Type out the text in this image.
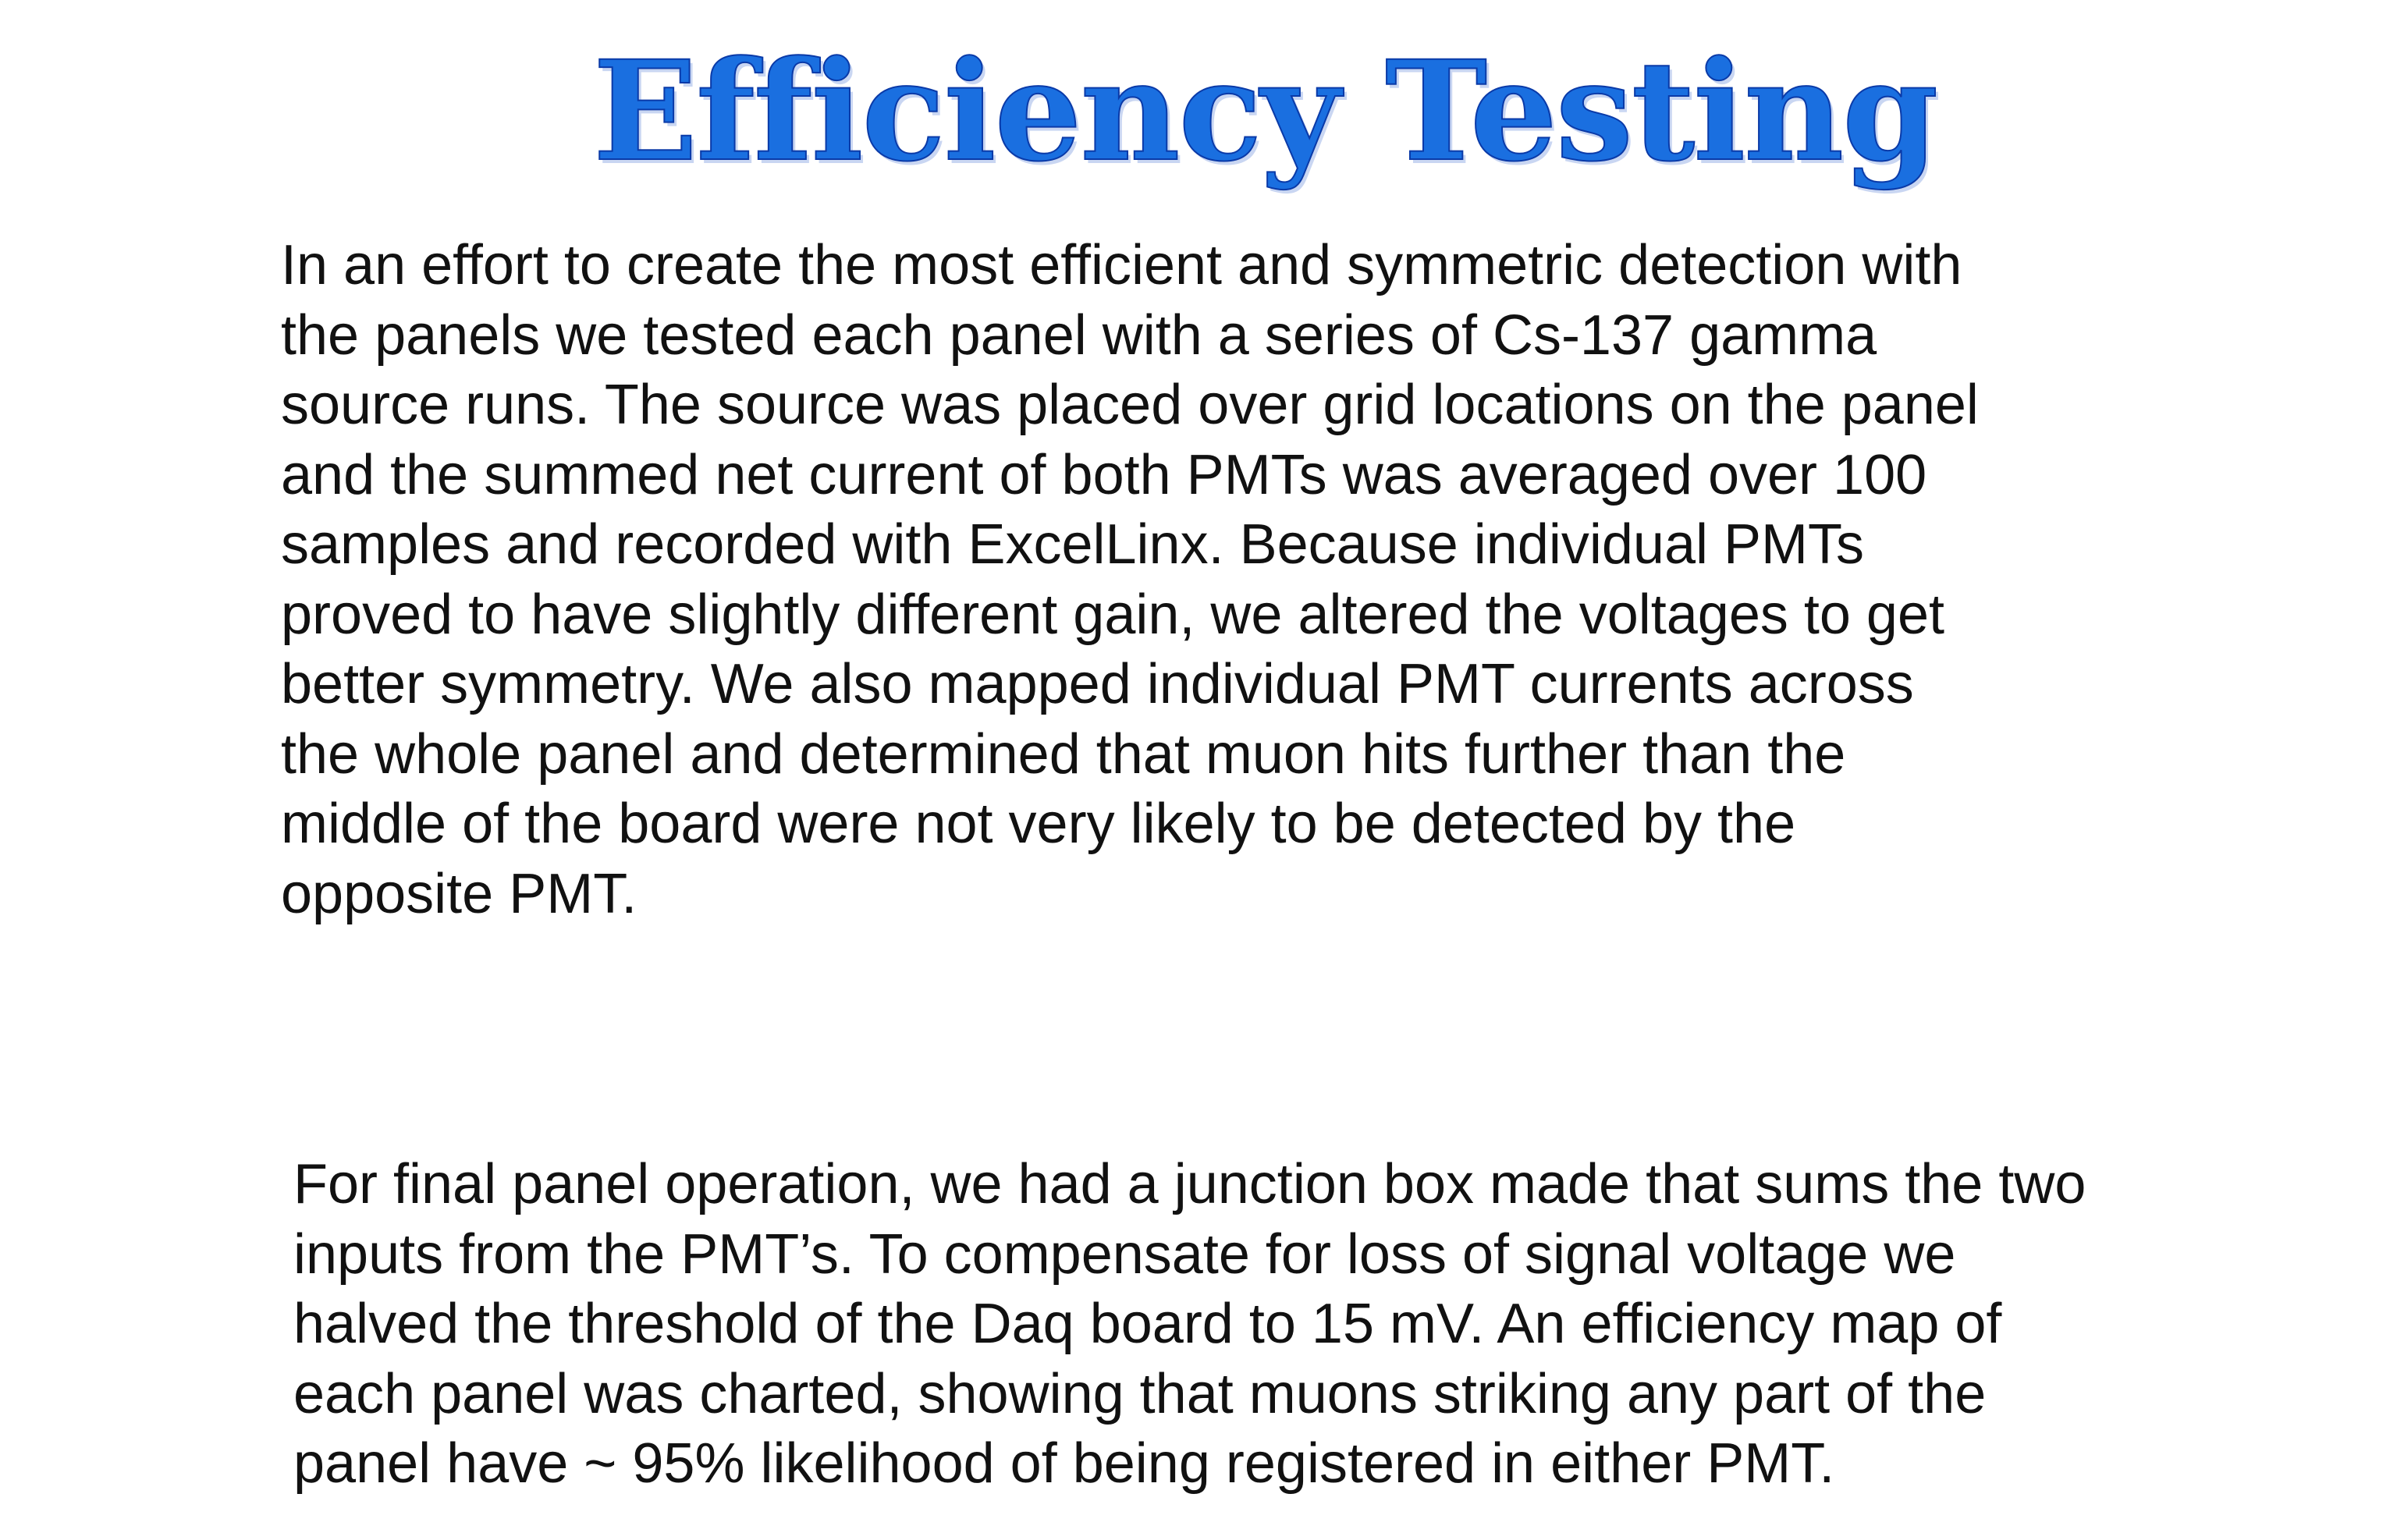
Efficiency Testing

In an effort to create the most efficient and symmetric detection with
the panels we tested each panel with a series of Cs-137 gamma
source runs. The source was placed over grid locations on the panel
and the summed net current of both PMTs was averaged over 100
samples and recorded with ExcelLinx. Because individual PMTs
proved to have slightly different gain, we altered the voltages to get
better symmetry. We also mapped individual PMT currents across
the whole panel and determined that muon hits further than the
middle of the board were not very likely to be detected by the
opposite PMT.

For final panel operation, we had a junction box made that sums the two
inputs from the PMT’s. To compensate for loss of signal voltage we
halved the threshold of the Daq board to 15 mV. An efficiency map of
each panel was charted, showing that muons striking any part of the
panel have ~ 95% likelihood of being registered in either PMT.
